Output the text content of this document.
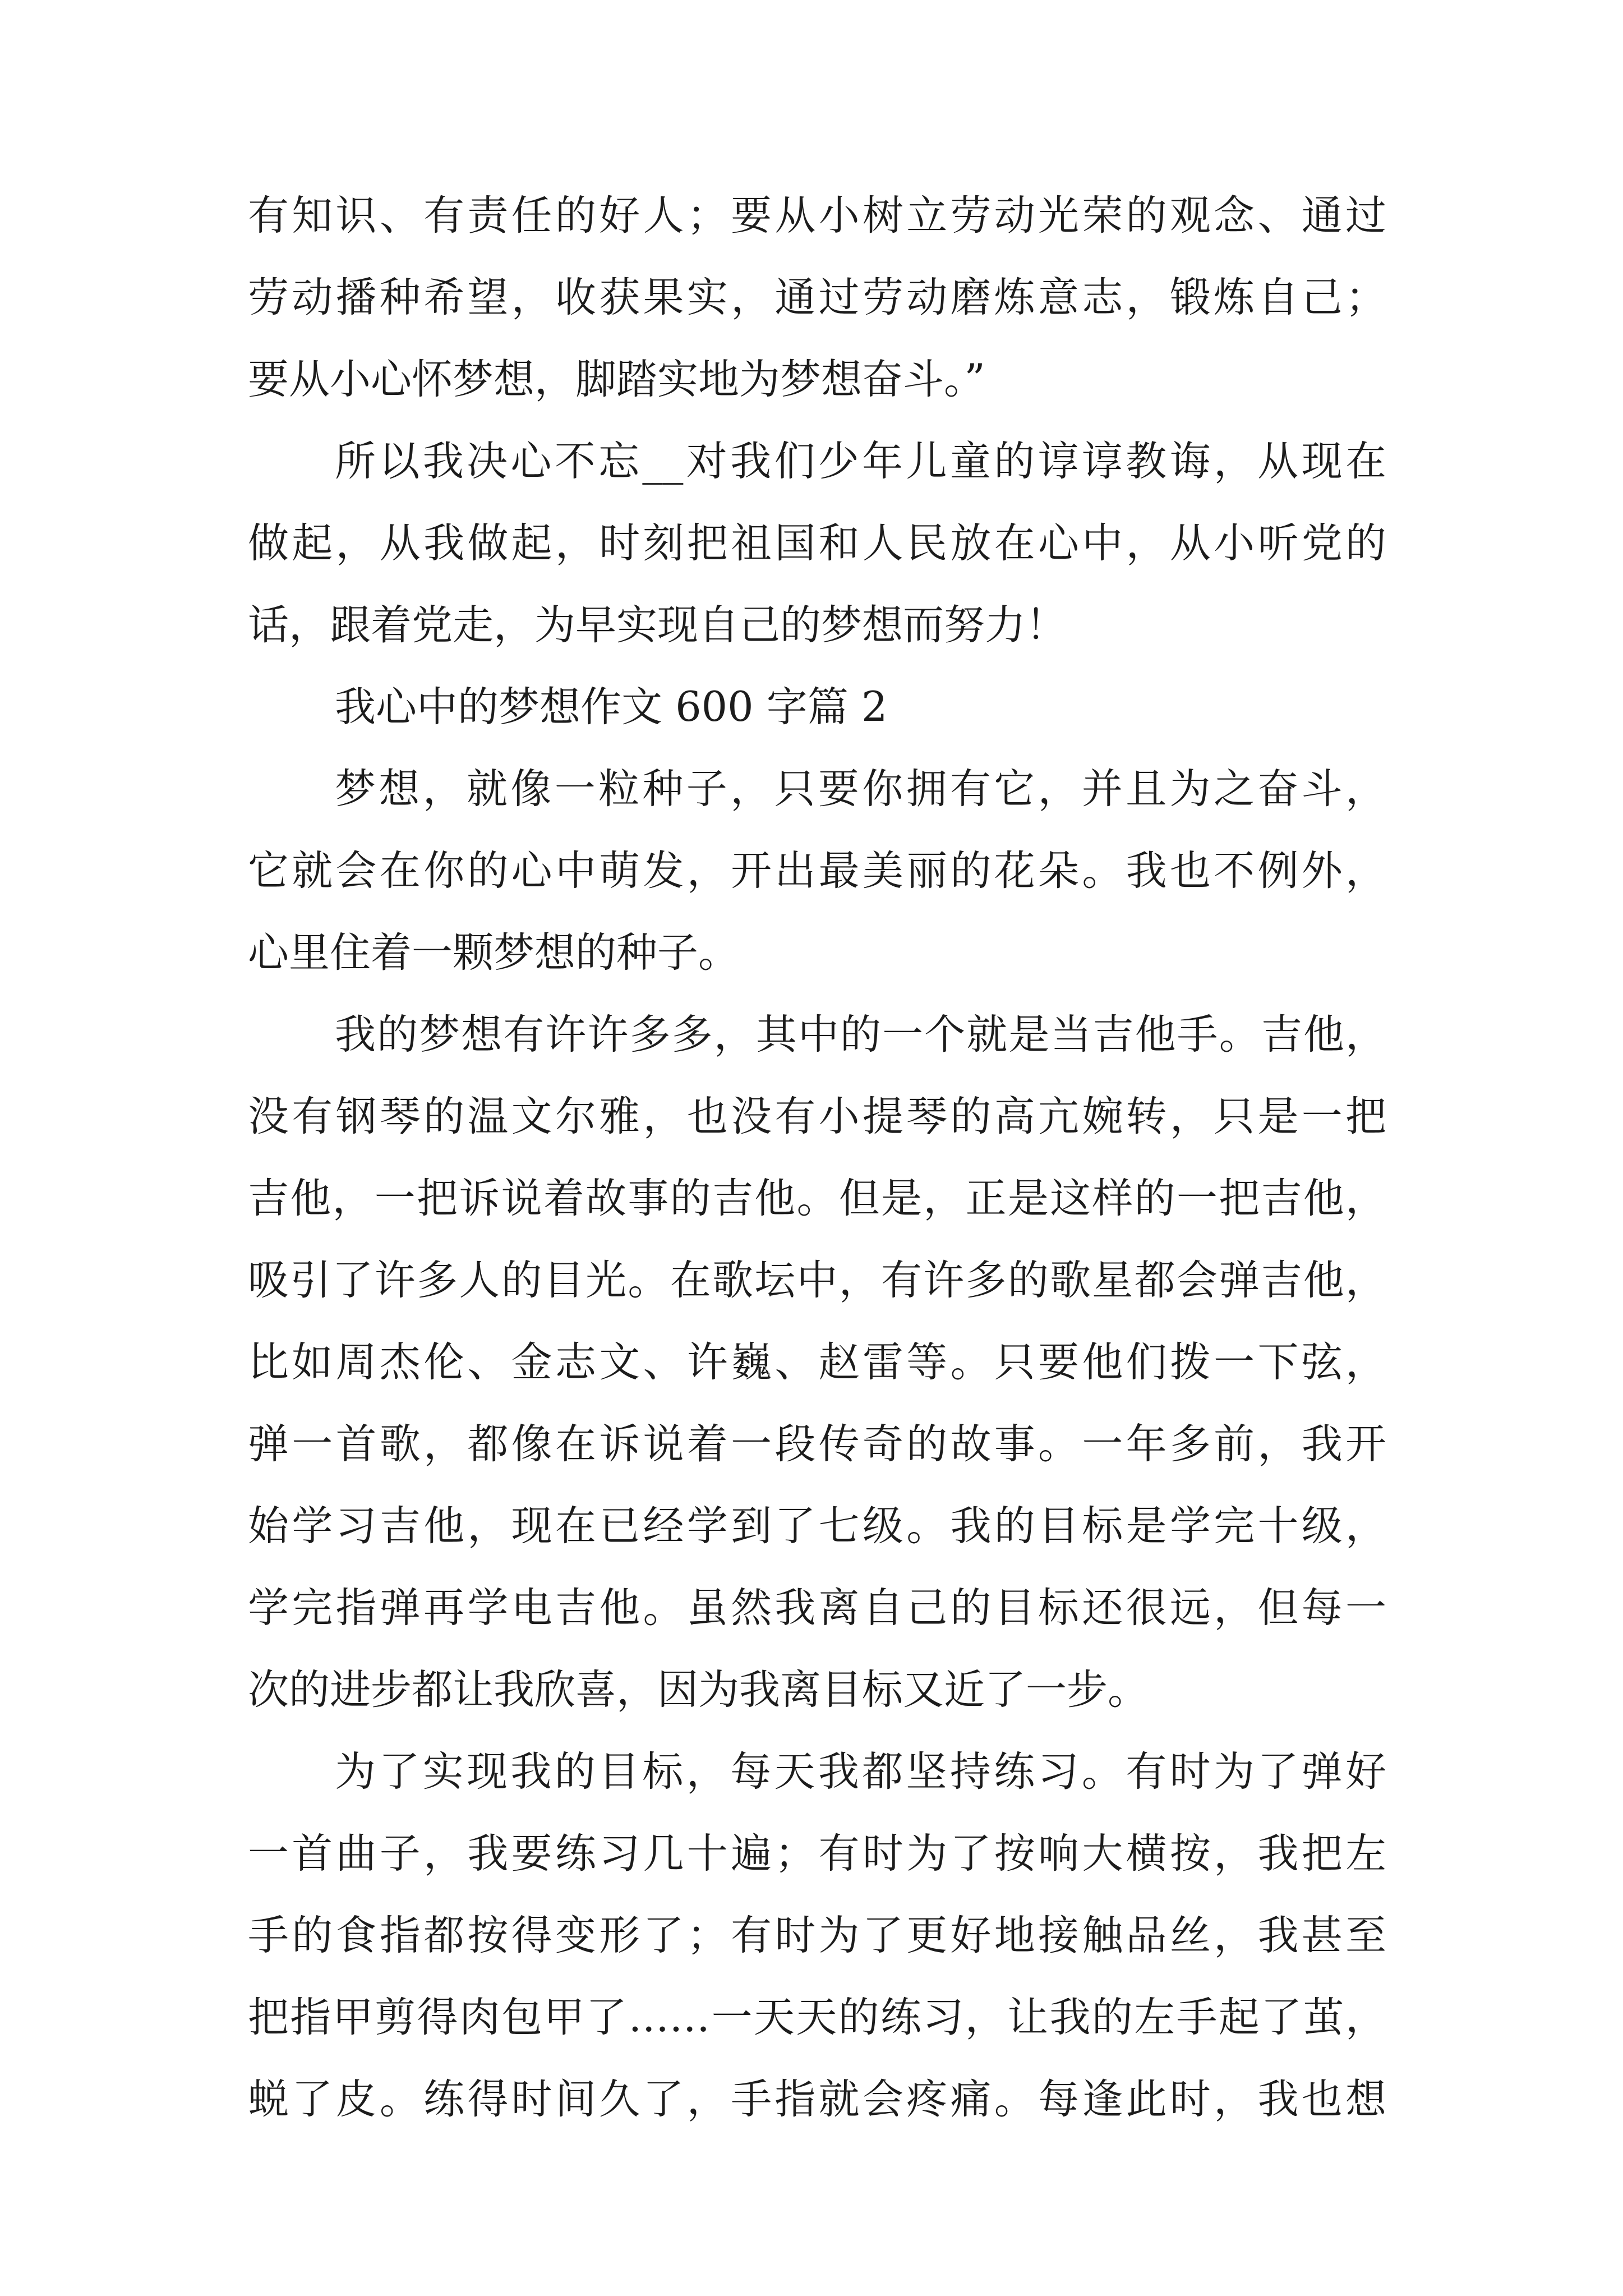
有知识、有责任的好人；要从小树立劳动光荣的观念、通过
劳动播种希望，收获果实，通过劳动磨炼意志，锻炼自己；
要从小心怀梦想，脚踏实地为梦想奋斗。”
所以我决心不忘__对我们少年儿童的谆谆教诲，从现在
做起，从我做起，时刻把祖国和人民放在心中，从小听党的
话，跟着党走，为早实现自己的梦想而努力！
我心中的梦想作文 600 字篇 2
梦想，就像一粒种子，只要你拥有它，并且为之奋斗，
它就会在你的心中萌发，开出最美丽的花朵。我也不例外，
心里住着一颗梦想的种子。
我的梦想有许许多多，其中的一个就是当吉他手。吉他，
没有钢琴的温文尔雅，也没有小提琴的高亢婉转，只是一把
吉他，一把诉说着故事的吉他。但是，正是这样的一把吉他，
吸引了许多人的目光。在歌坛中，有许多的歌星都会弹吉他，
比如周杰伦、金志文、许巍、赵雷等。只要他们拨一下弦，
弹一首歌，都像在诉说着一段传奇的故事。一年多前，我开
始学习吉他，现在已经学到了七级。我的目标是学完十级，
学完指弹再学电吉他。虽然我离自己的目标还很远，但每一
次的进步都让我欣喜，因为我离目标又近了一步。
为了实现我的目标，每天我都坚持练习。有时为了弹好
一首曲子，我要练习几十遍；有时为了按响大横按，我把左
手的食指都按得变形了；有时为了更好地接触品丝，我甚至
把指甲剪得肉包甲了……一天天的练习，让我的左手起了茧，
蜕了皮。练得时间久了，手指就会疼痛。每逢此时，我也想
